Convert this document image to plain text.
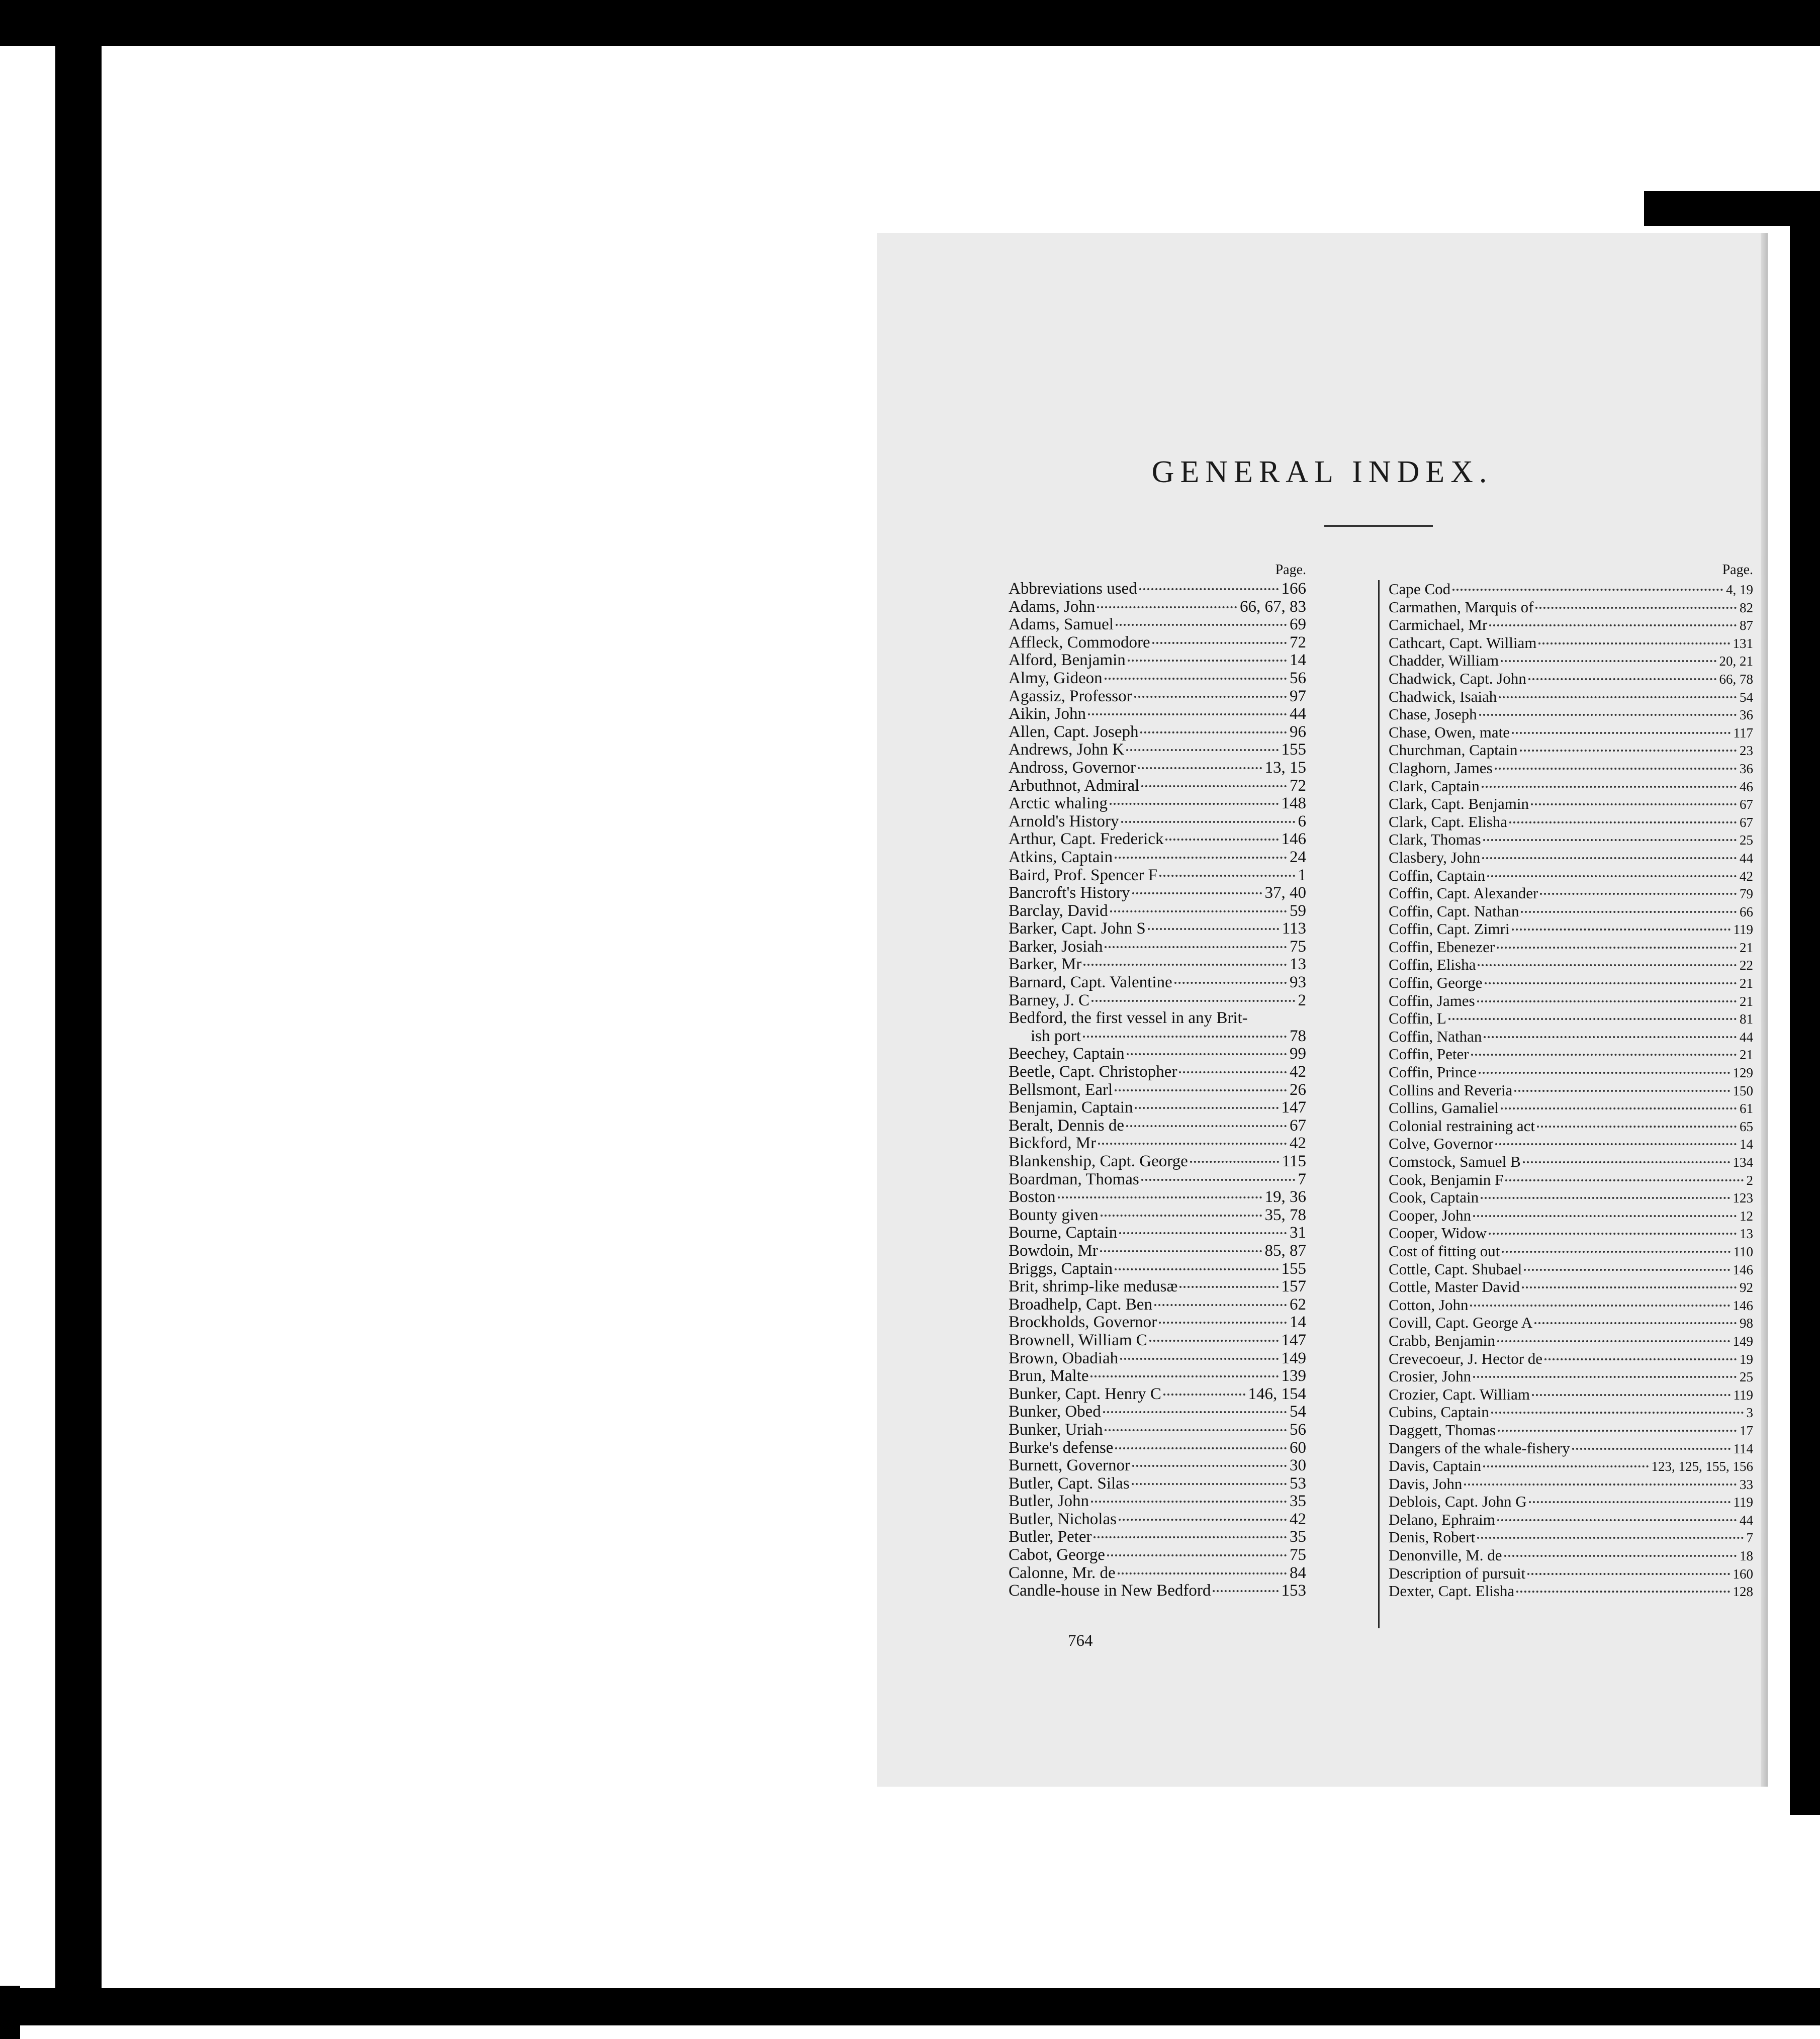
GENERAL INDEX.
Page.
Abbreviations used	166
Adams, John	66, 67, 83
Adams, Samuel	69
Affleck, Commodore	72
Alford, Benjamin	14
Almy, Gideon	56
Agassiz, Professor	97
Aikin, John	44
Allen, Capt. Joseph	96
Andrews, John K	155
Andross, Governor	13, 15
Arbuthnot, Admiral	72
Arctic whaling	148
Arnold's History	6
Arthur, Capt. Frederick	146
Atkins, Captain	24
Baird, Prof. Spencer F	1
Bancroft's History	37, 40
Barclay, David	59
Barker, Capt. John S	113
Barker, Josiah	75
Barker, Mr	13
Barnard, Capt. Valentine	93
Barney, J. C	2
Bedford, the first vessel in any Brit-
ish port	78
Beechey, Captain	99
Beetle, Capt. Christopher	42
Bellsmont, Earl	26
Benjamin, Captain	147
Beralt, Dennis de	67
Bickford, Mr	42
Blankenship, Capt. George	115
Boardman, Thomas	7
Boston	19, 36
Bounty given	35, 78
Bourne, Captain	31
Bowdoin, Mr	85, 87
Briggs, Captain	155
Brit, shrimp-like medusæ	157
Broadhelp, Capt. Ben	62
Brockholds, Governor	14
Brownell, William C	147
Brown, Obadiah	149
Brun, Malte	139
Bunker, Capt. Henry C	146, 154
Bunker, Obed	54
Bunker, Uriah	56
Burke's defense	60
Burnett, Governor	30
Butler, Capt. Silas	53
Butler, John	35
Butler, Nicholas	42
Butler, Peter	35
Cabot, George	75
Calonne, Mr. de	84
Candle-house in New Bedford	153
Page.
Cape Cod	4, 19
Carmathen, Marquis of	82
Carmichael, Mr	87
Cathcart, Capt. William	131
Chadder, William	20, 21
Chadwick, Capt. John	66, 78
Chadwick, Isaiah	54
Chase, Joseph	36
Chase, Owen, mate	117
Churchman, Captain	23
Claghorn, James	36
Clark, Captain	46
Clark, Capt. Benjamin	67
Clark, Capt. Elisha	67
Clark, Thomas	25
Clasbery, John	44
Coffin, Captain	42
Coffin, Capt. Alexander	79
Coffin, Capt. Nathan	66
Coffin, Capt. Zimri	119
Coffin, Ebenezer	21
Coffin, Elisha	22
Coffin, George	21
Coffin, James	21
Coffin, L	81
Coffin, Nathan	44
Coffin, Peter	21
Coffin, Prince	129
Collins and Reveria	150
Collins, Gamaliel	61
Colonial restraining act	65
Colve, Governor	14
Comstock, Samuel B	134
Cook, Benjamin F	2
Cook, Captain	123
Cooper, John	12
Cooper, Widow	13
Cost of fitting out	110
Cottle, Capt. Shubael	146
Cottle, Master David	92
Cotton, John	146
Covill, Capt. George A	98
Crabb, Benjamin	149
Crevecoeur, J. Hector de	19
Crosier, John	25
Crozier, Capt. William	119
Cubins, Captain	3
Daggett, Thomas	17
Dangers of the whale-fishery	114
Davis, Captain	123, 125, 155, 156
Davis, John	33
Deblois, Capt. John G	119
Delano, Ephraim	44
Denis, Robert	7
Denonville, M. de	18
Description of pursuit	160
Dexter, Capt. Elisha	128
764
